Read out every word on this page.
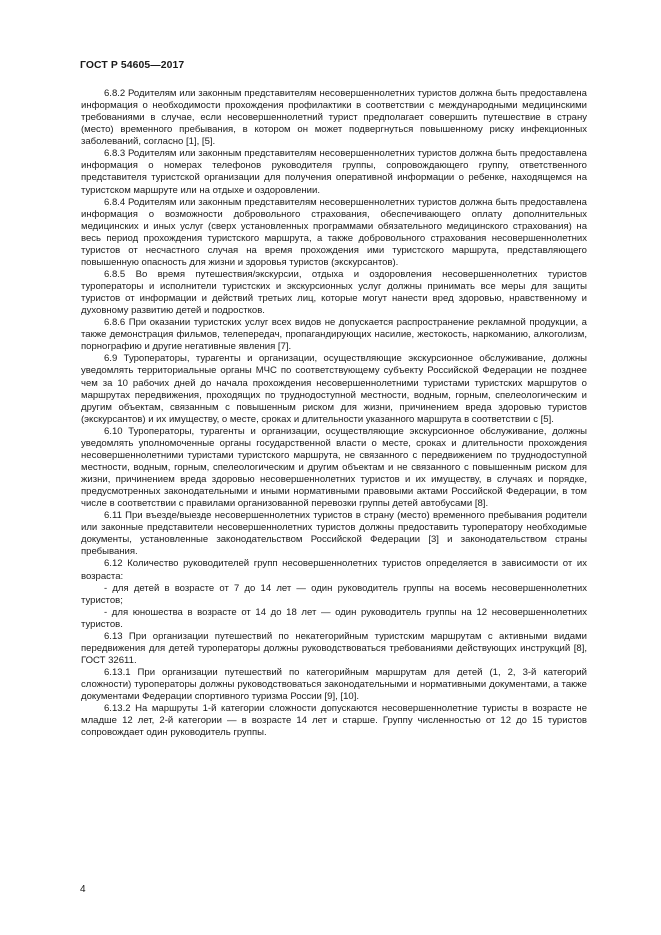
ГОСТ Р 54605—2017

6.8.2 Родителям или законным представителям несовершеннолетних туристов должна быть предоставлена информация о необходимости прохождения профилактики в соответствии с международными медицинскими требованиями в случае, если несовершеннолетний турист предполагает совершить путешествие в страну (место) временного пребывания, в котором он может подвергнуться повышенному риску инфекционных заболеваний, согласно [1], [5].

6.8.3 Родителям или законным представителям несовершеннолетних туристов должна быть предоставлена информация о номерах телефонов руководителя группы, сопровождающего группу, ответственного представителя туристской организации для получения оперативной информации о ребенке, находящемся на туристском маршруте или на отдыхе и оздоровлении.

6.8.4 Родителям или законным представителям несовершеннолетних туристов должна быть предоставлена информация о возможности добровольного страхования, обеспечивающего оплату дополнительных медицинских и иных услуг (сверх установленных программами обязательного медицинского страхования) на весь период прохождения туристского маршрута, а также добровольного страхования несовершеннолетних туристов от несчастного случая на время прохождения ими туристского маршрута, представляющего повышенную опасность для жизни и здоровья туристов (экскурсантов).

6.8.5 Во время путешествия/экскурсии, отдыха и оздоровления несовершеннолетних туристов туроператоры и исполнители туристских и экскурсионных услуг должны принимать все меры для защиты туристов от информации и действий третьих лиц, которые могут нанести вред здоровью, нравственному и духовному развитию детей и подростков.

6.8.6 При оказании туристских услуг всех видов не допускается распространение рекламной продукции, а также демонстрация фильмов, телепередач, пропагандирующих насилие, жестокость, наркоманию, алкоголизм, порнографию и другие негативные явления [7].

6.9 Туроператоры, турагенты и организации, осуществляющие экскурсионное обслуживание, должны уведомлять территориальные органы МЧС по соответствующему субъекту Российской Федерации не позднее чем за 10 рабочих дней до начала прохождения несовершеннолетними туристами туристских маршрутов о маршрутах передвижения, проходящих по труднодоступной местности, водным, горным, спелеологическим и другим объектам, связанным с повышенным риском для жизни, причинением вреда здоровью туристов (экскурсантов) и их имуществу, о месте, сроках и длительности указанного маршрута в соответствии с [5].

6.10 Туроператоры, турагенты и организации, осуществляющие экскурсионное обслуживание, должны уведомлять уполномоченные органы государственной власти о месте, сроках и длительности прохождения несовершеннолетними туристами туристского маршрута, не связанного с передвижением по труднодоступной местности, водным, горным, спелеологическим и другим объектам и не связанного с повышенным риском для жизни, причинением вреда здоровью несовершеннолетних туристов и их имуществу, в случаях и порядке, предусмотренных законодательными и иными нормативными правовыми актами Российской Федерации, в том числе в соответствии с правилами организованной перевозки группы детей автобусами [8].

6.11 При въезде/выезде несовершеннолетних туристов в страну (место) временного пребывания родители или законные представители несовершеннолетних туристов должны предоставить туроператору необходимые документы, установленные законодательством Российской Федерации [3] и законодательством страны пребывания.

6.12 Количество руководителей групп несовершеннолетних туристов определяется в зависимости от их возраста:

- для детей в возрасте от 7 до 14 лет — один руководитель группы на восемь несовершеннолетних туристов;

- для юношества в возрасте от 14 до 18 лет — один руководитель группы на 12 несовершеннолетних туристов.

6.13 При организации путешествий по некатегорийным туристским маршрутам с активными видами передвижения для детей туроператоры должны руководствоваться требованиями действующих инструкций [8], ГОСТ 32611.

6.13.1 При организации путешествий по категорийным маршрутам для детей (1, 2, 3-й категорий сложности) туроператоры должны руководствоваться законодательными и нормативными документами, а также документами Федерации спортивного туризма России [9], [10].

6.13.2 На маршруты 1-й категории сложности допускаются несовершеннолетние туристы в возрасте не младше 12 лет, 2-й категории — в возрасте 14 лет и старше. Группу численностью от 12 до 15 туристов сопровождает один руководитель группы.

4
